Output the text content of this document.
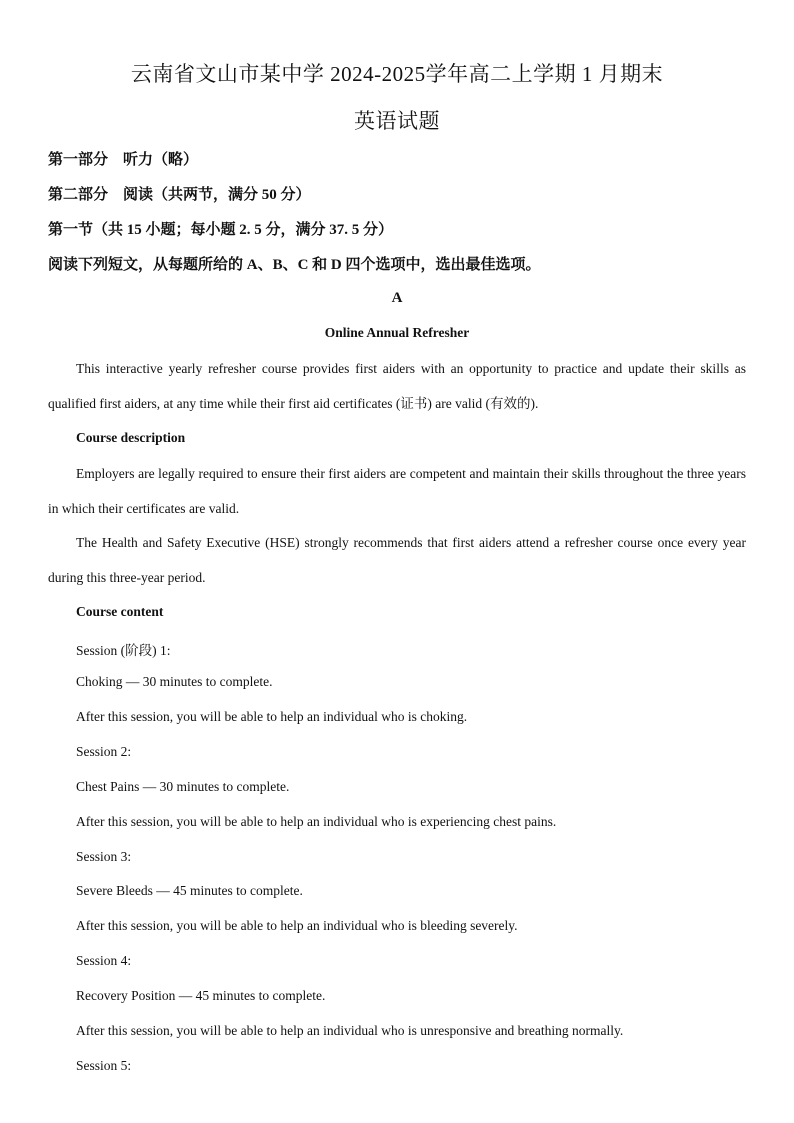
云南省文山市某中学 2024-2025学年高二上学期 1 月期末
英语试题
第一部分　听力（略）
第二部分　阅读（共两节，满分 50 分）
第一节（共 15 小题；每小题 2. 5 分，满分 37. 5 分）
阅读下列短文，从每题所给的 A、B、C 和 D 四个选项中，选出最佳选项。
A
Online Annual Refresher
This interactive yearly refresher course provides first aiders with an opportunity to practice and update their skills as qualified first aiders, at any time while their first aid certificates (证书) are valid (有效的).
Course description
Employers are legally required to ensure their first aiders are competent and maintain their skills throughout the three years in which their certificates are valid.
The Health and Safety Executive (HSE) strongly recommends that first aiders attend a refresher course once every year during this three-year period.
Course content
Session (阶段) 1:
Choking — 30 minutes to complete.
After this session, you will be able to help an individual who is choking.
Session 2:
Chest Pains — 30 minutes to complete.
After this session, you will be able to help an individual who is experiencing chest pains.
Session 3:
Severe Bleeds — 45 minutes to complete.
After this session, you will be able to help an individual who is bleeding severely.
Session 4:
Recovery Position — 45 minutes to complete.
After this session, you will be able to help an individual who is unresponsive and breathing normally.
Session 5:
